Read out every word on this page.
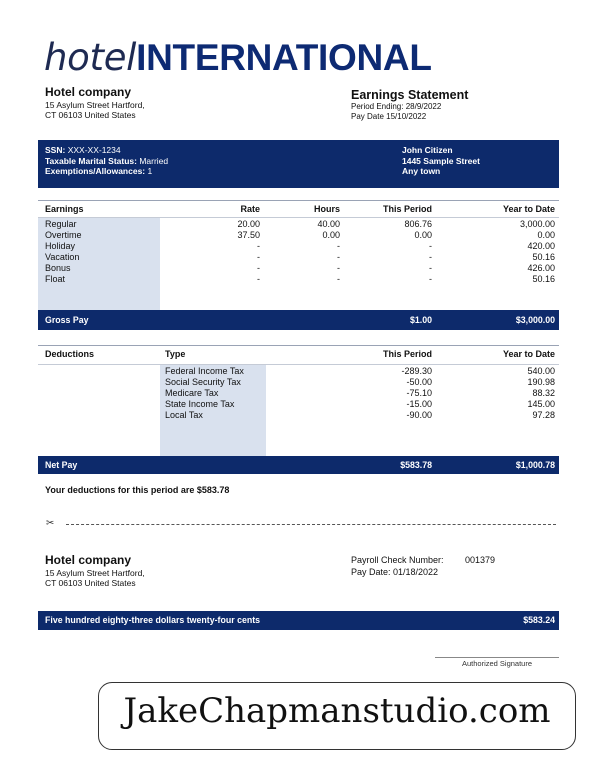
hotelINTERNATIONAL
Hotel company
15 Asylum Street Hartford,
CT 06103 United States
Earnings Statement
Period Ending: 28/9/2022
Pay Date 15/10/2022
SSN: XXX-XX-1234
Taxable Marital Status: Married
Exemptions/Allowances: 1
John Citizen
1445 Sample Street
Any town
Earnings	Rate	Hours	This Period	Year to Date
Regular	20.00	40.00	806.76	3,000.00
Overtime	37.50	0.00	0.00	0.00
Holiday	-	-	-	420.00
Vacation	-	-	-	50.16
Bonus	-	-	-	426.00
Float	-	-	-	50.16
Gross Pay	$1.00	$3,000.00
Deductions	Type	This Period	Year to Date
Federal Income Tax	-289.30	540.00
Social Security Tax	-50.00	190.98
Medicare Tax	-75.10	88.32
State Income Tax	-15.00	145.00
Local Tax	-90.00	97.28
Net Pay	$583.78	$1,000.78
Your deductions for this period are $583.78
✂
Hotel company
15 Asylum Street Hartford,
CT 06103 United States
Payroll Check Number: 001379
Pay Date: 01/18/2022
Five hundred eighty-three dollars twenty-four cents	$583.24
Authorized Signature
JakeChapmanstudio.com
